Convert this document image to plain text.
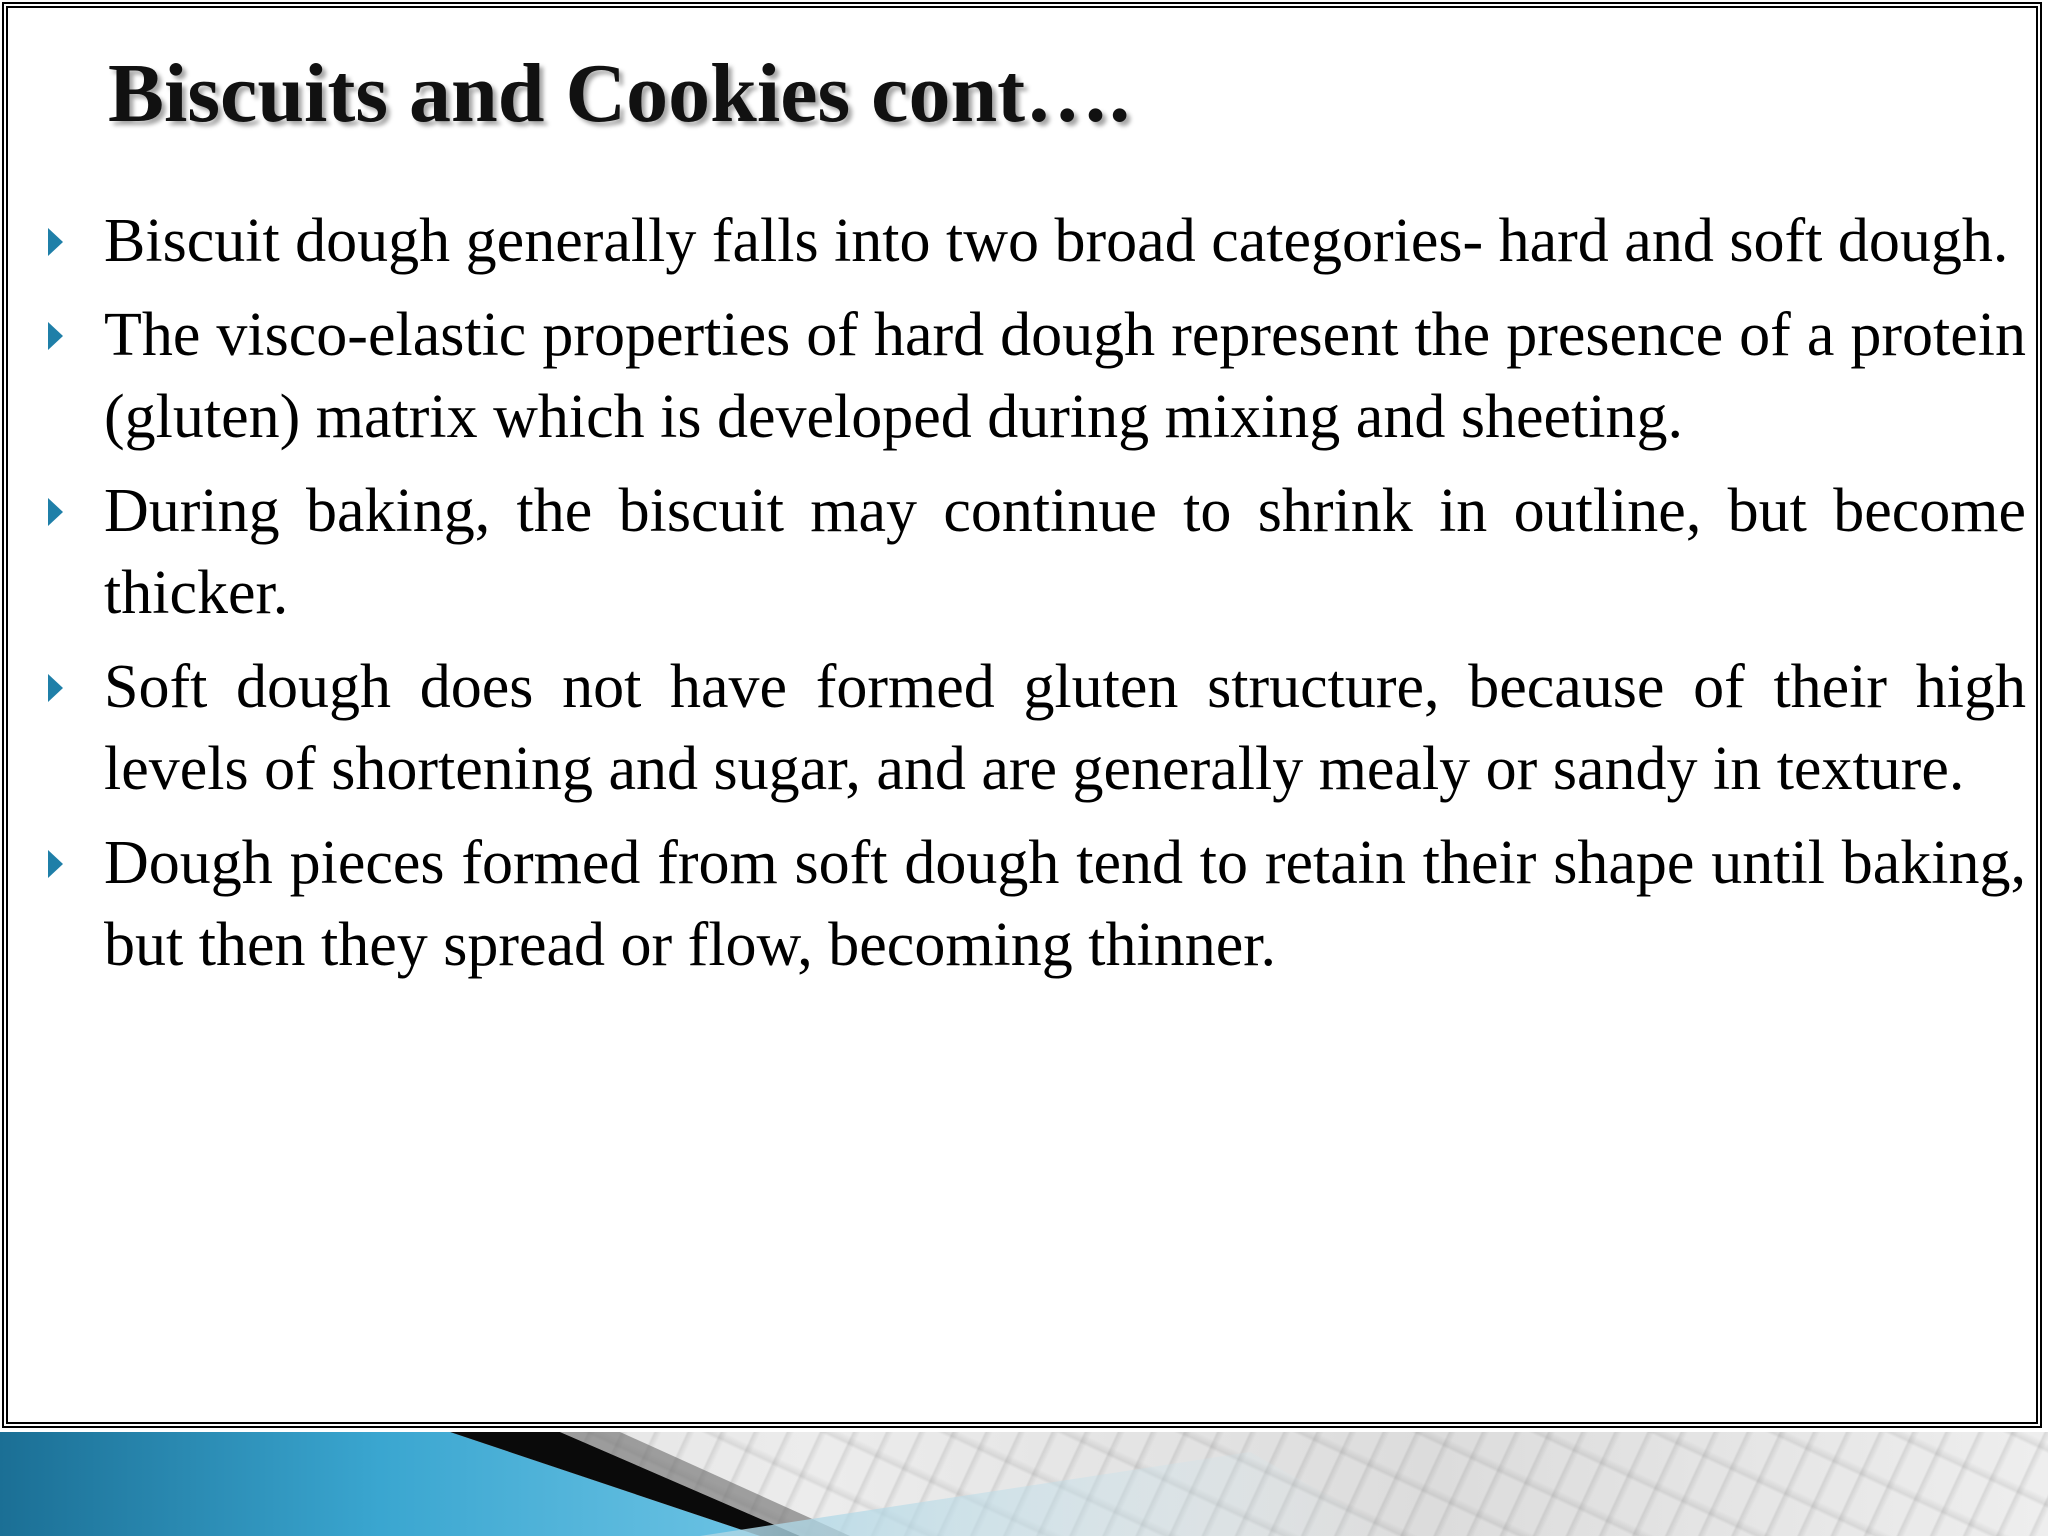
Biscuits and Cookies cont….
Biscuit dough generally falls into two broad categories- hard and soft dough.
The visco-elastic properties of hard dough represent the presence of a protein (gluten) matrix which is developed during mixing and sheeting.
During baking, the biscuit may continue to shrink in outline, but become thicker.
Soft dough does not have formed gluten structure, because of their high levels of shortening and sugar, and are generally mealy or sandy in texture.
Dough pieces formed from soft dough tend to retain their shape until baking, but then they spread or flow, becoming thinner.
